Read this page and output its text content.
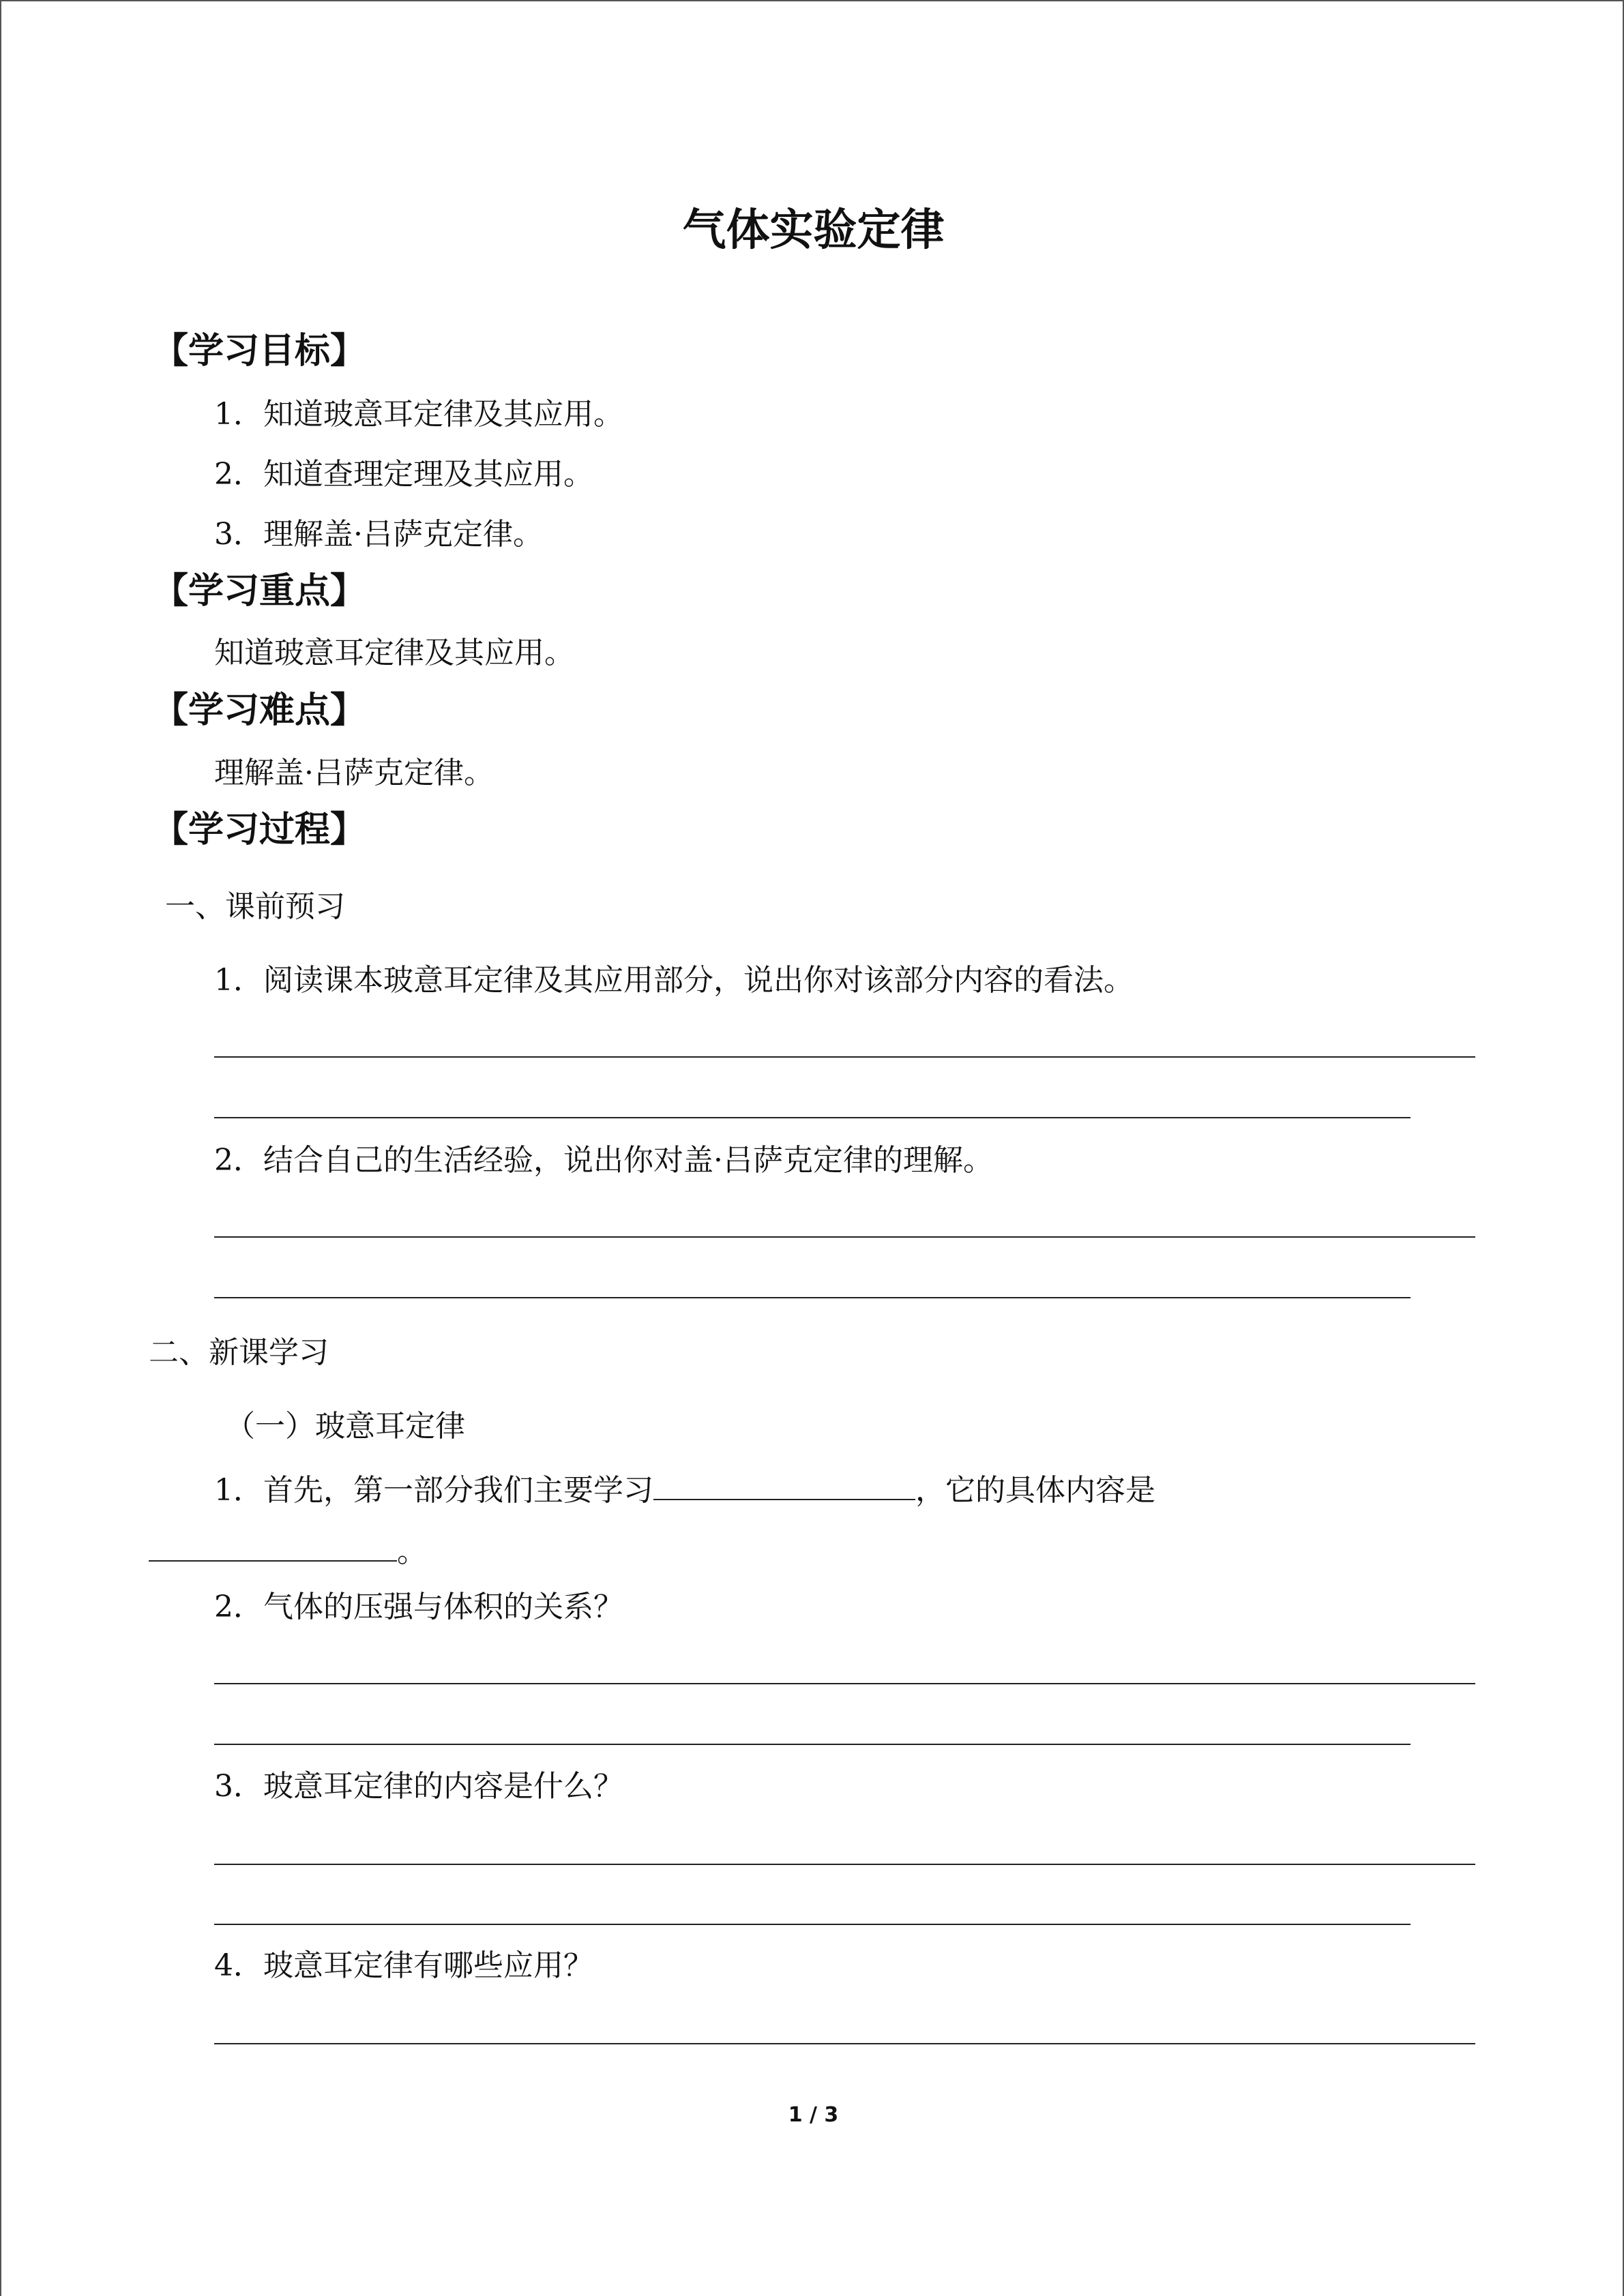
气体实验定律
【学习目标】
1．知道玻意耳定律及其应用。
2．知道查理定理及其应用。
3．理解盖·吕萨克定律。
【学习重点】
知道玻意耳定律及其应用。
【学习难点】
理解盖·吕萨克定律。
【学习过程】
一、课前预习
1．阅读课本玻意耳定律及其应用部分，说出你对该部分内容的看法。
2．结合自己的生活经验，说出你对盖·吕萨克定律的理解。
二、新课学习
（一）玻意耳定律
1．首先，第一部分我们主要学习	，它的具体内容是
。
2．气体的压强与体积的关系？
3．玻意耳定律的内容是什么？
4．玻意耳定律有哪些应用？
1 / 3
